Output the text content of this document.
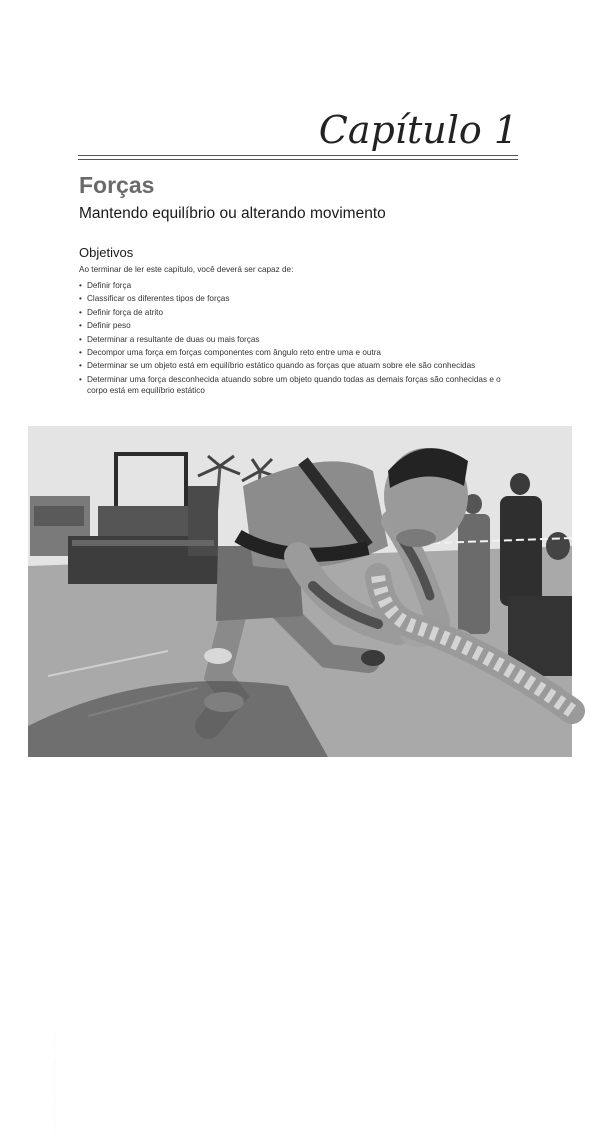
Capítulo 1
Forças
Mantendo equilíbrio ou alterando movimento
Objetivos
Ao terminar de ler este capítulo, você deverá ser capaz de:
• Definir força
• Classificar os diferentes tipos de forças
• Definir força de atrito
• Definir peso
• Determinar a resultante de duas ou mais forças
• Decompor uma força em forças componentes com ângulo reto entre uma e outra
• Determinar se um objeto está em equilíbrio estático quando as forças que atuam sobre ele são conhecidas
• Determinar uma força desconhecida atuando sobre um objeto quando todas as demais forças são conhecidas e o corpo está em equilíbrio estático
© Roger Gallegos/ZUMA Press, Inc./Alamy
